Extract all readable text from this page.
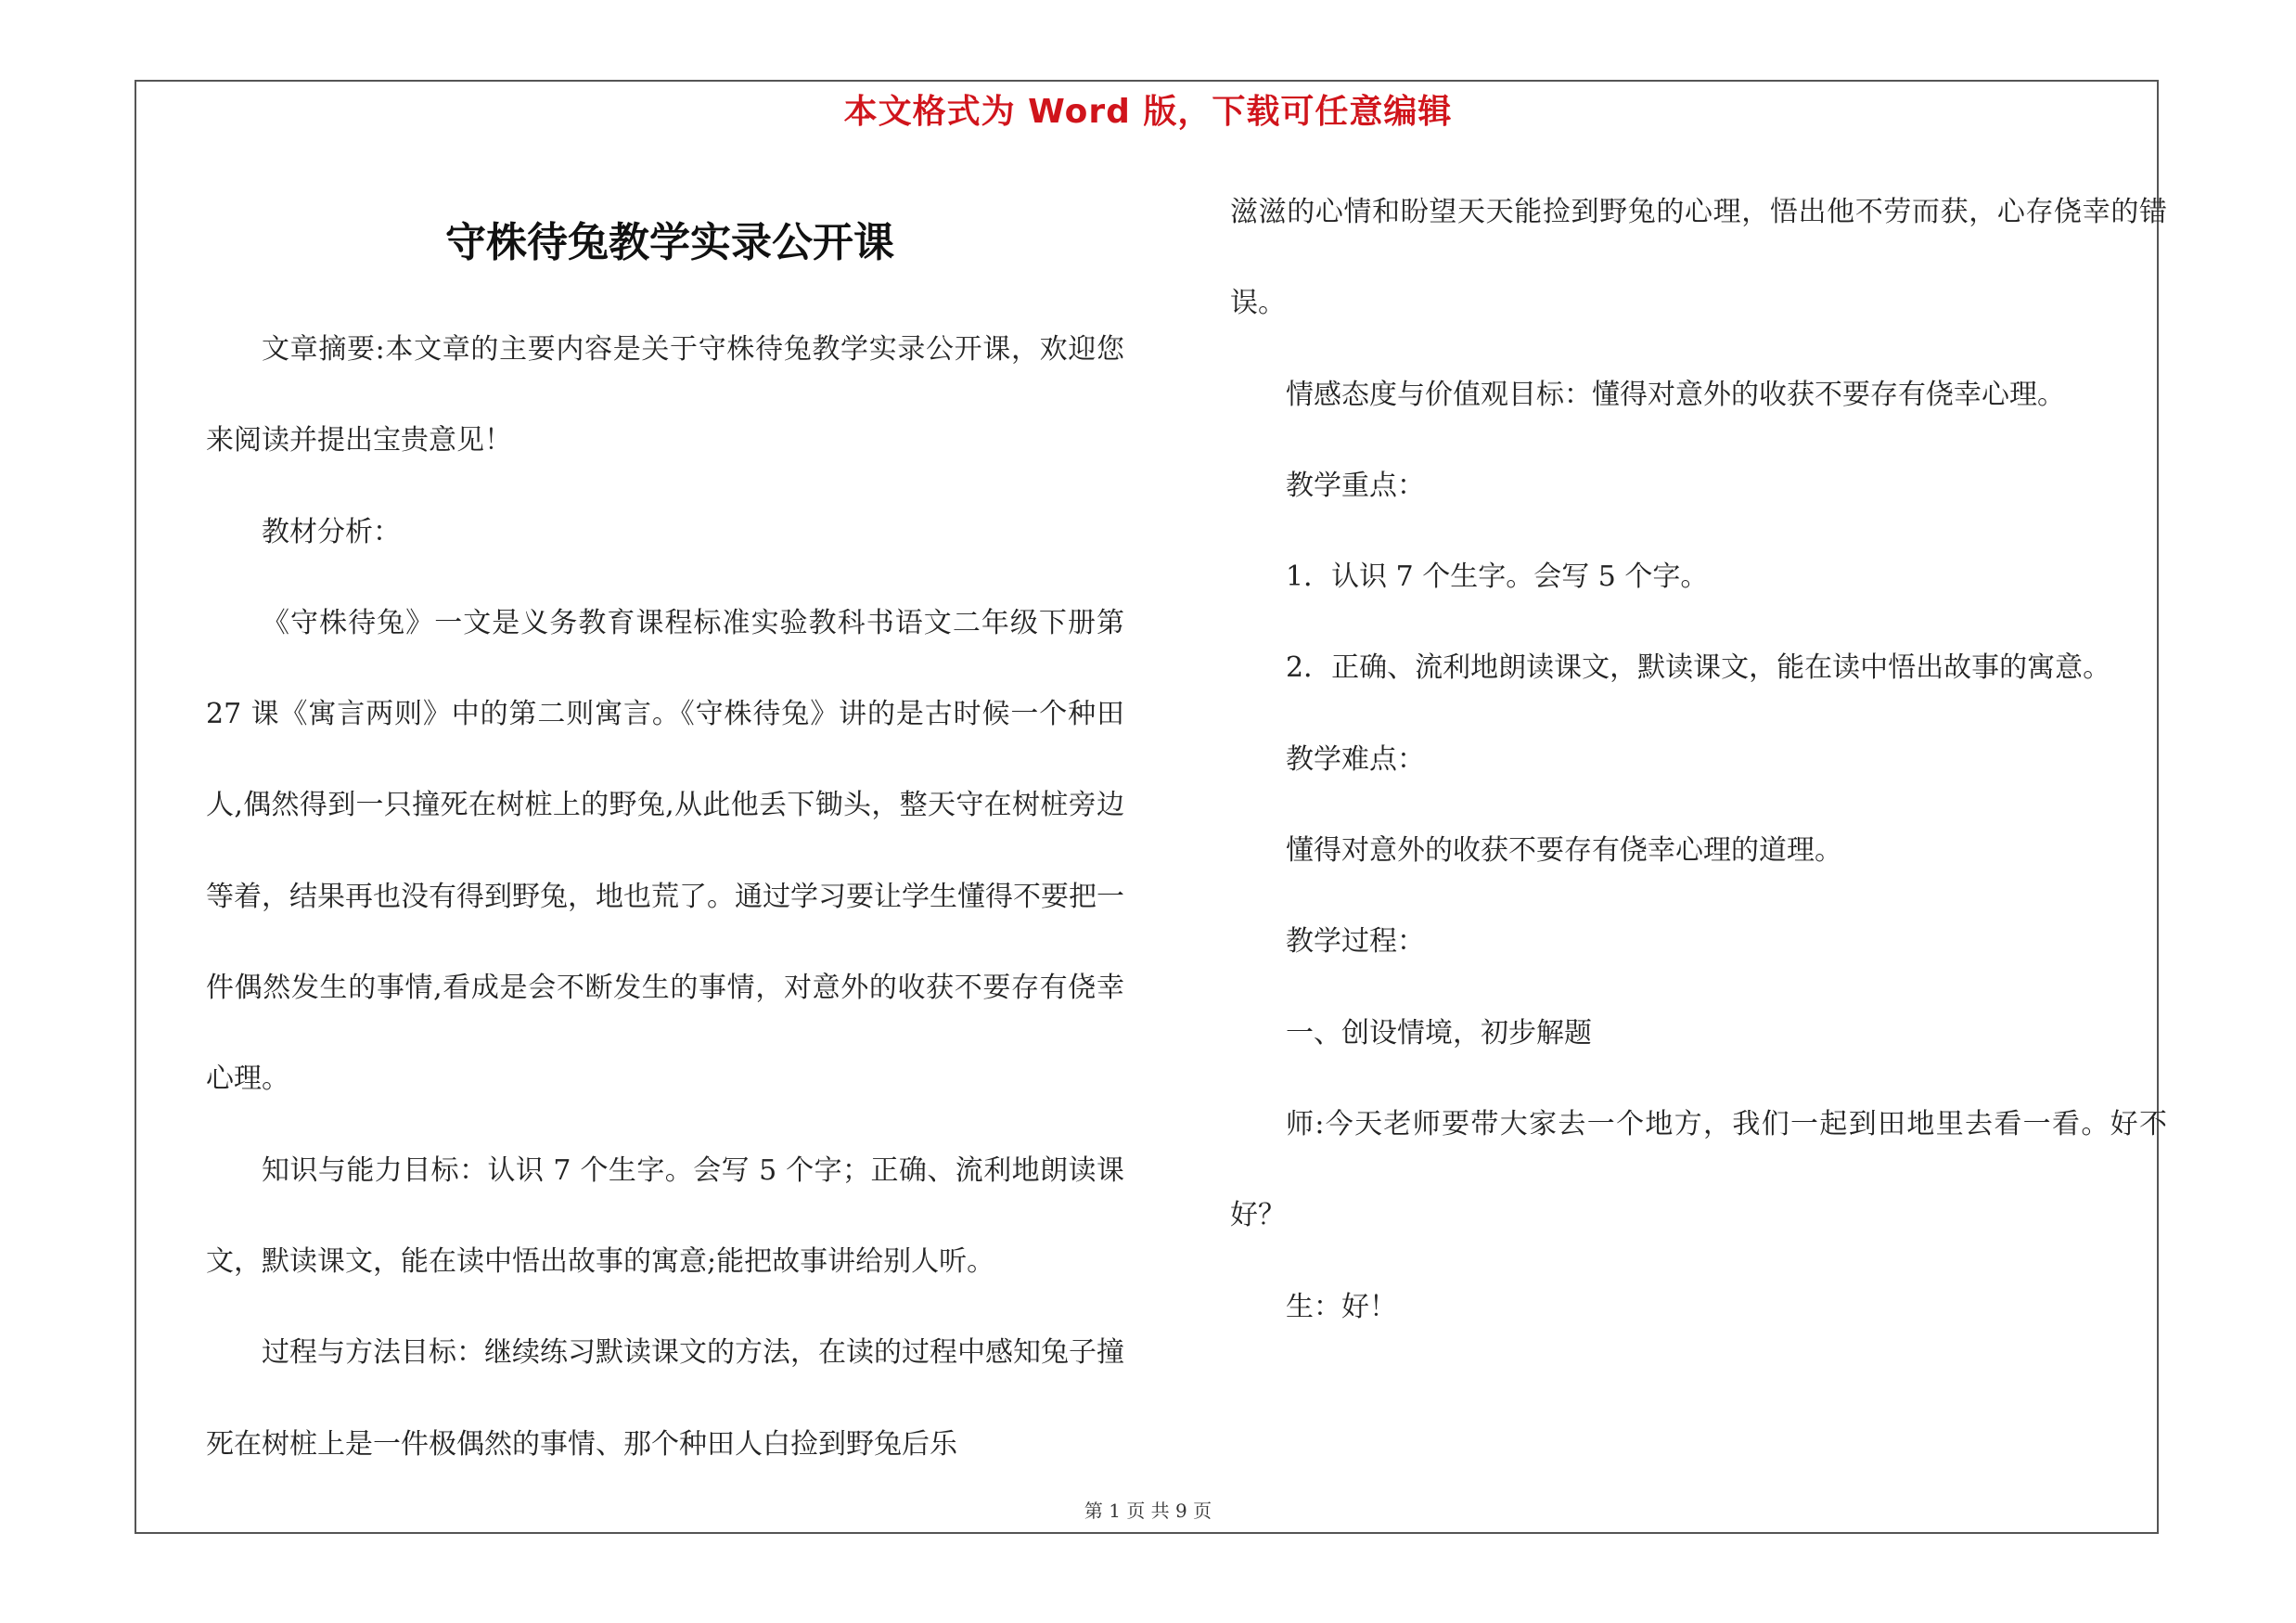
本文格式为 Word 版，下载可任意编辑
守株待兔教学实录公开课

文章摘要:本文章的主要内容是关于守株待兔教学实录公开课，欢迎您来阅读并提出宝贵意见！

教材分析：

《守株待兔》一文是义务教育课程标准实验教科书语文二年级下册第 27 课《寓言两则》中的第二则寓言。《守株待兔》讲的是古时候一个种田人,偶然得到一只撞死在树桩上的野兔,从此他丢下锄头，整天守在树桩旁边等着，结果再也没有得到野兔，地也荒了。通过学习要让学生懂得不要把一件偶然发生的事情,看成是会不断发生的事情，对意外的收获不要存有侥幸心理。

知识与能力目标：认识 7 个生字。会写 5 个字；正确、流利地朗读课文，默读课文，能在读中悟出故事的寓意;能把故事讲给别人听。

过程与方法目标：继续练习默读课文的方法，在读的过程中感知兔子撞死在树桩上是一件极偶然的事情、那个种田人白捡到野兔后乐

滋滋的心情和盼望天天能捡到野兔的心理，悟出他不劳而获，心存侥幸的错误。

情感态度与价值观目标：懂得对意外的收获不要存有侥幸心理。

教学重点：

1．认识 7 个生字。会写 5 个字。

2．正确、流利地朗读课文，默读课文，能在读中悟出故事的寓意。

教学难点：

懂得对意外的收获不要存有侥幸心理的道理。

教学过程：

一、创设情境，初步解题

师:今天老师要带大家去一个地方，我们一起到田地里去看一看。好不好？

生：好！

第 1 页 共 9 页
